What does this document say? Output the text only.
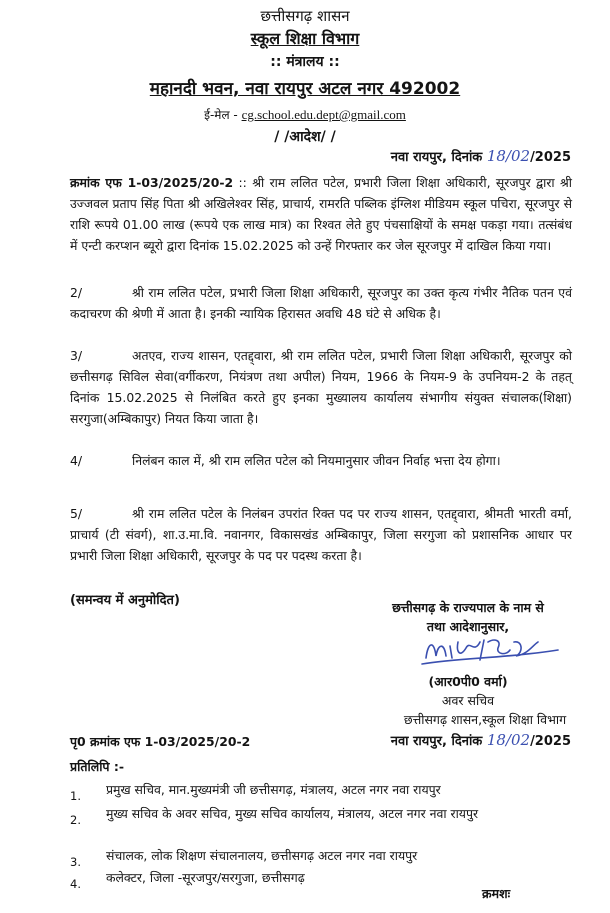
छत्तीसगढ़ शासन
स्कूल शिक्षा विभाग
:: मंत्रालय ::
महानदी भवन, नवा रायपुर अटल नगर 492002
ई-मेल - cg.school.edu.dept@gmail.com
/ /आदेश/ /
नवा रायपुर, दिनांक 18/02/2025
क्रमांक एफ 1-03/2025/20-2 :: श्री राम ललित पटेल, प्रभारी जिला शिक्षा अधिकारी, सूरजपुर द्वारा श्री उज्जवल प्रताप सिंह पिता श्री अखिलेश्वर सिंह, प्राचार्य, रामरति पब्लिक इंग्लिश मीडियम स्कूल पचिरा, सूरजपुर से राशि रूपये 01.00 लाख (रूपये एक लाख मात्र) का रिश्वत लेते हुए पंचसाक्षियों के समक्ष पकड़ा गया। तत्संबंध में एन्टी करप्शन ब्यूरो द्वारा दिनांक 15.02.2025 को उन्हें गिरफ्तार कर जेल सूरजपुर में दाखिल किया गया।
श्री राम ललित पटेल, प्रभारी जिला शिक्षा अधिकारी, सूरजपुर का उक्त कृत्य गंभीर नैतिक पतन एवं कदाचरण की श्रेणी में आता है। इनकी न्यायिक हिरासत अवधि 48 घंटे से अधिक है।
2/
अतएव, राज्य शासन, एतद्द्वारा, श्री राम ललित पटेल, प्रभारी जिला शिक्षा अधिकारी, सूरजपुर को छत्तीसगढ़ सिविल सेवा(वर्गीकरण, नियंत्रण तथा अपील) नियम, 1966 के नियम-9 के उपनियम-2 के तहत् दिनांक 15.02.2025 से निलंबित करते हुए इनका मुख्यालय कार्यालय संभागीय संयुक्त संचालक(शिक्षा) सरगुजा(अम्बिकापुर) नियत किया जाता है।
3/
निलंबन काल में, श्री राम ललित पटेल को नियमानुसार जीवन निर्वाह भत्ता देय होगा।
4/
श्री राम ललित पटेल के निलंबन उपरांत रिक्त पद पर राज्य शासन, एतद्द्वारा, श्रीमती भारती वर्मा, प्राचार्य (टी संवर्ग), शा.उ.मा.वि. नवानगर, विकासखंड अम्बिकापुर, जिला सरगुजा को प्रशासनिक आधार पर प्रभारी जिला शिक्षा अधिकारी, सूरजपुर के पद पर पदस्थ करता है।
5/
(समन्वय में अनुमोदित)	छत्तीसगढ़ के राज्यपाल के नाम से
तथा आदेशानुसार,
(आर0पी0 वर्मा)
अवर सचिव
छत्तीसगढ़ शासन,स्कूल शिक्षा विभाग
पृ0 क्रमांक एफ 1-03/2025/20-2	नवा रायपुर, दिनांक 18/02/2025
प्रतिलिपि :-
1.	प्रमुख सचिव, मान.मुख्यमंत्री जी छत्तीसगढ़, मंत्रालय, अटल नगर नवा रायपुर
2.	मुख्य सचिव के अवर सचिव, मुख्य सचिव कार्यालय, मंत्रालय, अटल नगर नवा रायपुर
3.	संचालक, लोक शिक्षण संचालनालय, छत्तीसगढ़ अटल नगर नवा रायपुर
4.	कलेक्टर, जिला -सूरजपुर/सरगुजा, छत्तीसगढ़
क्रमशः
